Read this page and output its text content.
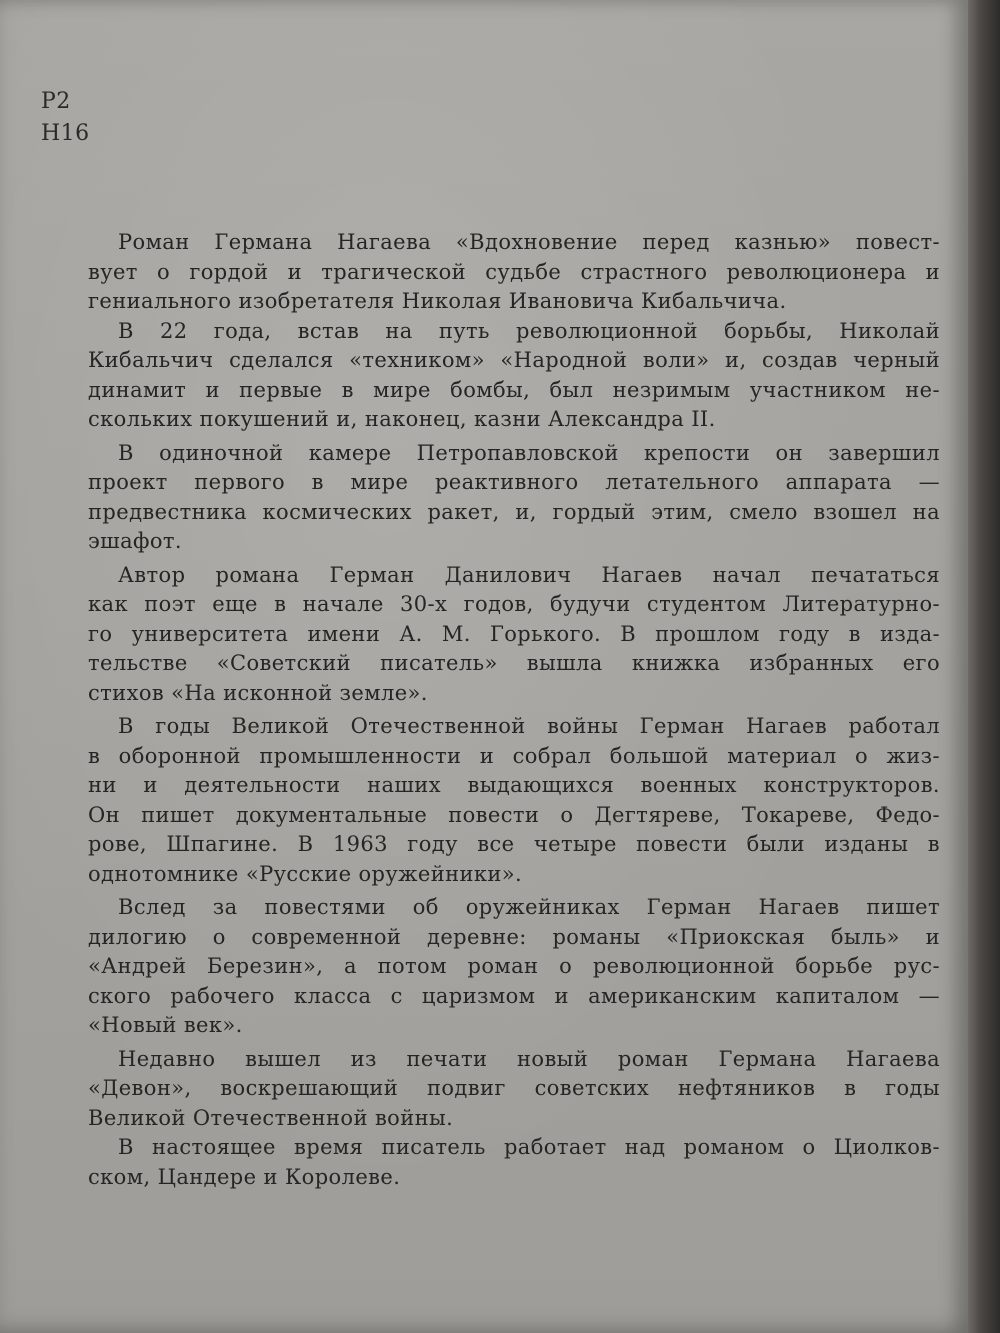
Р2
Н16
Роман Германа Нагаева «Вдохновение перед казнью» повест-
вует о гордой и трагической судьбе страстного революционера и
гениального изобретателя Николая Ивановича Кибальчича.
В 22 года, встав на путь революционной борьбы, Николай
Кибальчич сделался «техником» «Народной воли» и, создав черный
динамит и первые в мире бомбы, был незримым участником не-
скольких покушений и, наконец, казни Александра II.
В одиночной камере Петропавловской крепости он завершил
проект первого в мире реактивного летательного аппарата —
предвестника космических ракет, и, гордый этим, смело взошел на
эшафот.
Автор романа Герман Данилович Нагаев начал печататься
как поэт еще в начале 30-х годов, будучи студентом Литературно-
го университета имени А. М. Горького. В прошлом году в изда-
тельстве «Советский писатель» вышла книжка избранных его
стихов «На исконной земле».
В годы Великой Отечественной войны Герман Нагаев работал
в оборонной промышленности и собрал большой материал о жиз-
ни и деятельности наших выдающихся военных конструкторов.
Он пишет документальные повести о Дегтяреве, Токареве, Федо-
рове, Шпагине. В 1963 году все четыре повести были изданы в
однотомнике «Русские оружейники».
Вслед за повестями об оружейниках Герман Нагаев пишет
дилогию о современной деревне: романы «Приокская быль» и
«Андрей Березин», а потом роман о революционной борьбе рус-
ского рабочего класса с царизмом и американским капиталом —
«Новый век».
Недавно вышел из печати новый роман Германа Нагаева
«Девон», воскрешающий подвиг советских нефтяников в годы
Великой Отечественной войны.
В настоящее время писатель работает над романом о Циолков-
ском, Цандере и Королеве.
